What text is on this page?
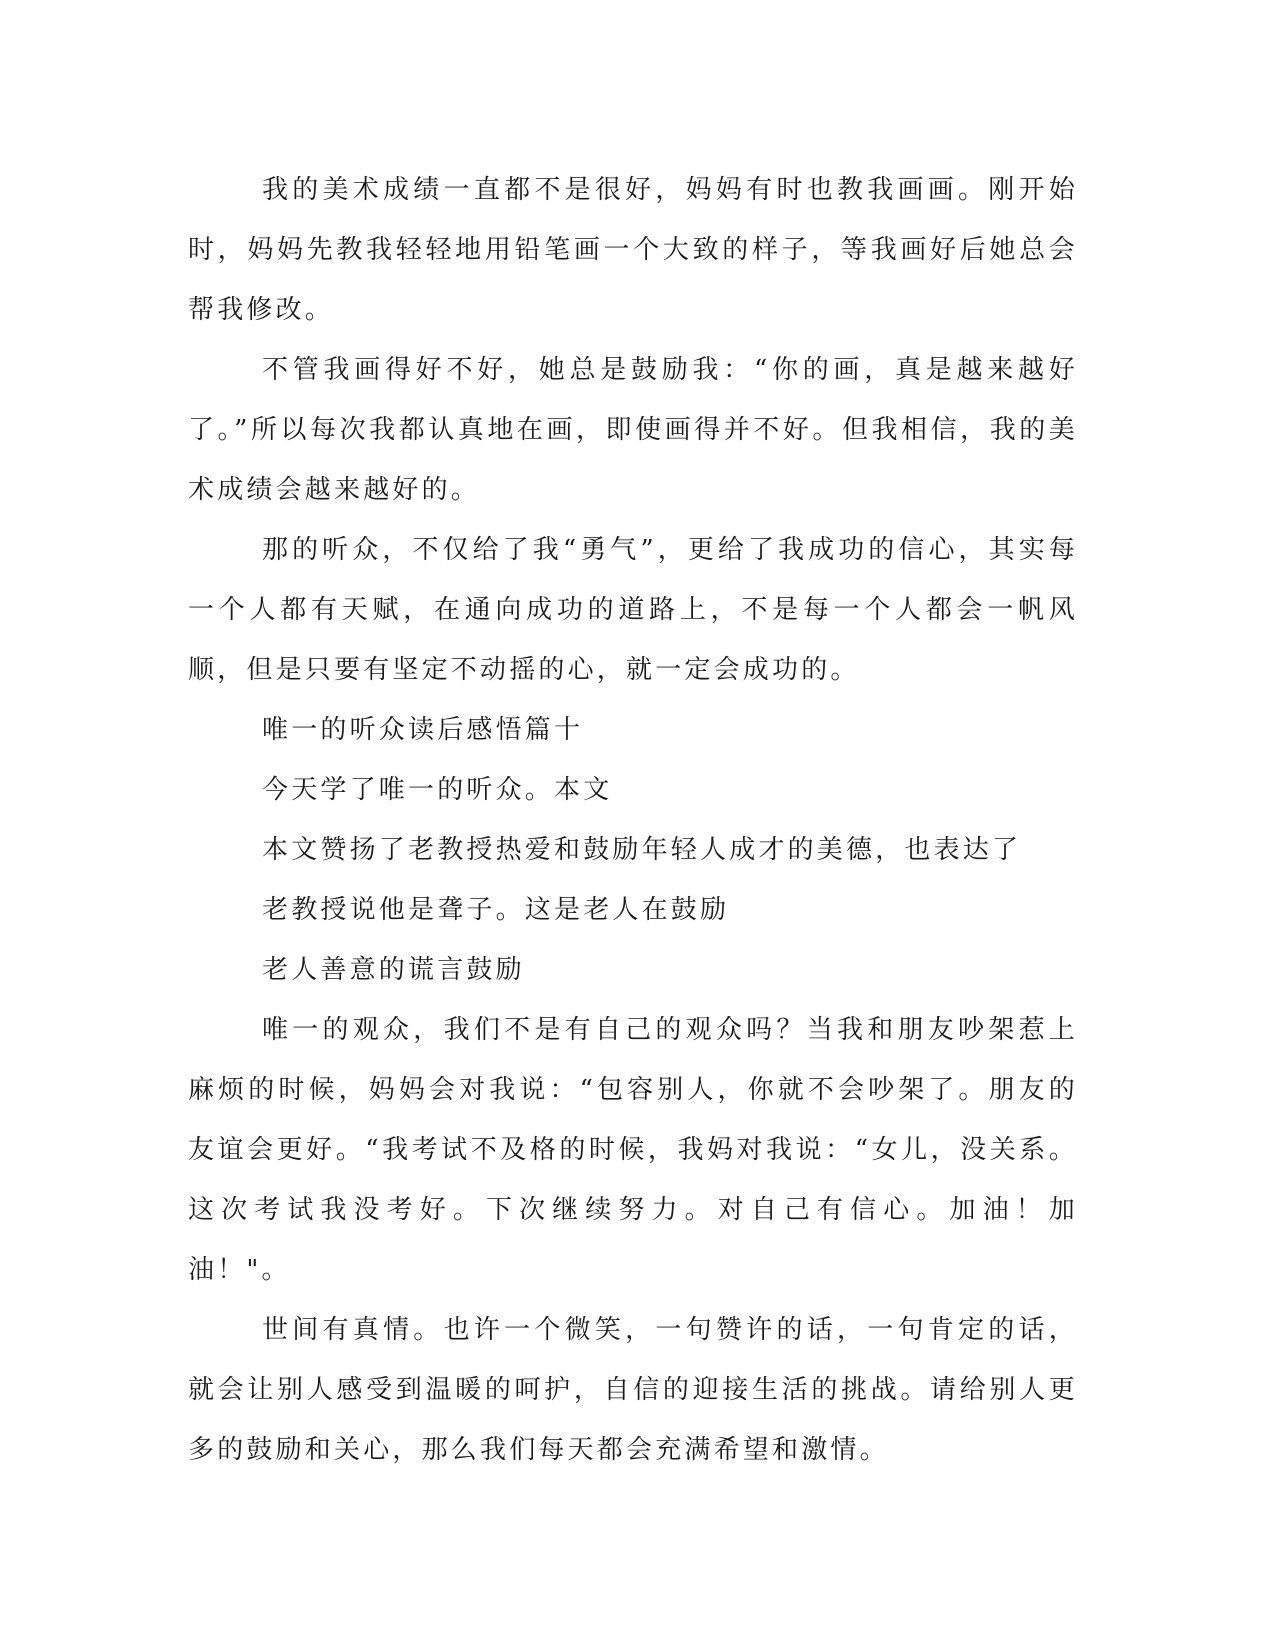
我的美术成绩一直都不是很好，妈妈有时也教我画画。刚开始时，妈妈先教我轻轻地用铅笔画一个大致的样子，等我画好后她总会帮我修改。

不管我画得好不好，她总是鼓励我：“你的画，真是越来越好了。”所以每次我都认真地在画，即使画得并不好。但我相信，我的美术成绩会越来越好的。

那的听众，不仅给了我“勇气”，更给了我成功的信心，其实每一个人都有天赋，在通向成功的道路上，不是每一个人都会一帆风顺，但是只要有坚定不动摇的心，就一定会成功的。

唯一的听众读后感悟篇十

今天学了唯一的听众。本文

本文赞扬了老教授热爱和鼓励年轻人成才的美德，也表达了

老教授说他是聋子。这是老人在鼓励

老人善意的谎言鼓励

唯一的观众，我们不是有自己的观众吗？当我和朋友吵架惹上麻烦的时候，妈妈会对我说：“包容别人，你就不会吵架了。朋友的友谊会更好。“我考试不及格的时候，我妈对我说：“女儿，没关系。这次考试我没考好。下次继续努力。对自己有信心。加油！加油！"。

世间有真情。也许一个微笑，一句赞许的话，一句肯定的话，就会让别人感受到温暖的呵护，自信的迎接生活的挑战。请给别人更多的鼓励和关心，那么我们每天都会充满希望和激情。
